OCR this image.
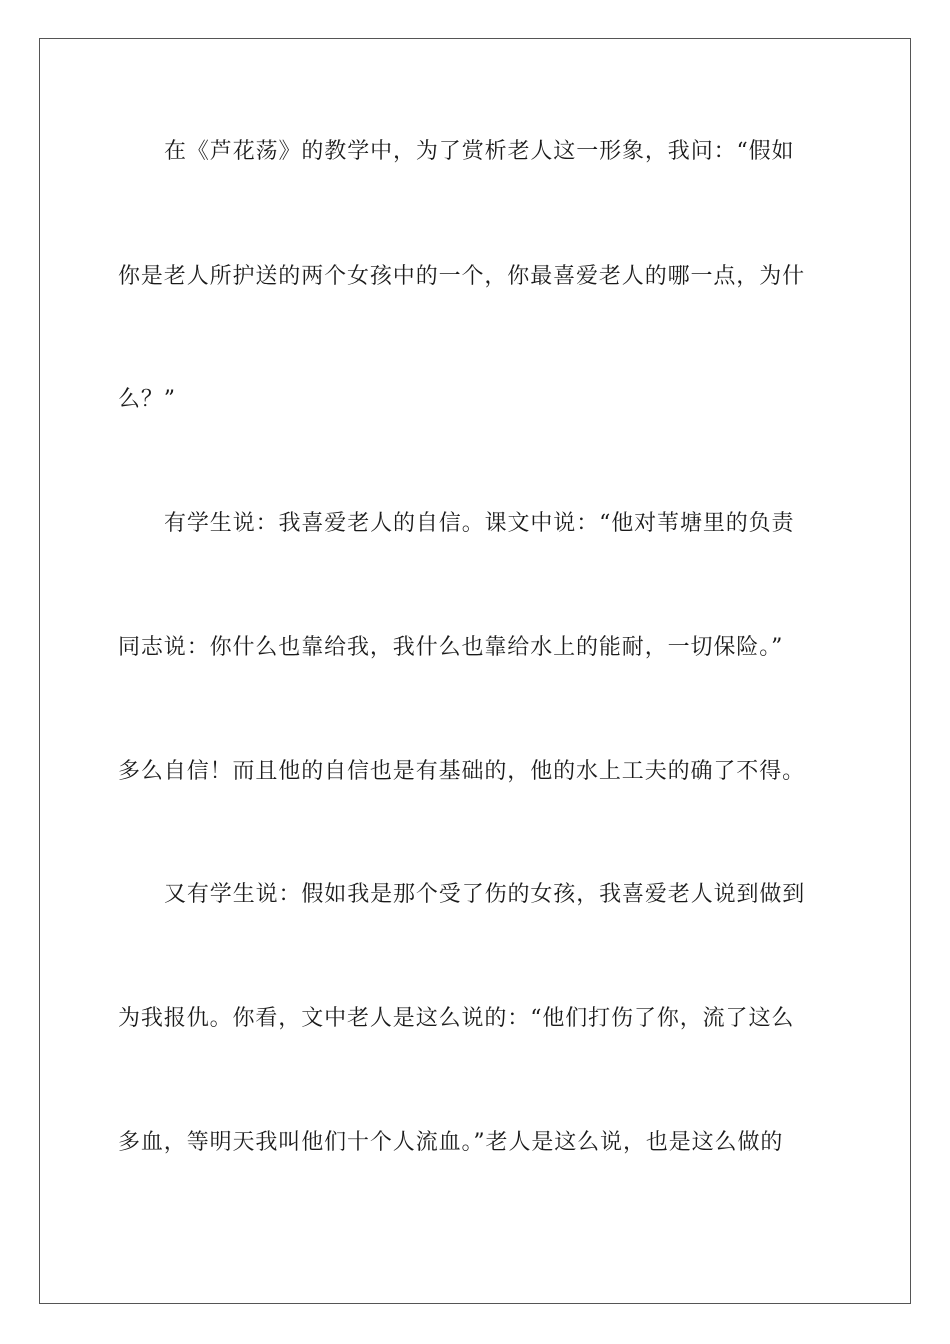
在《芦花荡》的教学中，为了赏析老人这一形象，我问：“假如
你是老人所护送的两个女孩中的一个，你最喜爱老人的哪一点，为什
么？”
有学生说：我喜爱老人的自信。课文中说：“他对苇塘里的负责
同志说：你什么也靠给我，我什么也靠给水上的能耐，一切保险。”
多么自信！而且他的自信也是有基础的，他的水上工夫的确了不得。
又有学生说：假如我是那个受了伤的女孩，我喜爱老人说到做到
为我报仇。你看，文中老人是这么说的：“他们打伤了你，流了这么
多血，等明天我叫他们十个人流血。”老人是这么说，也是这么做的
